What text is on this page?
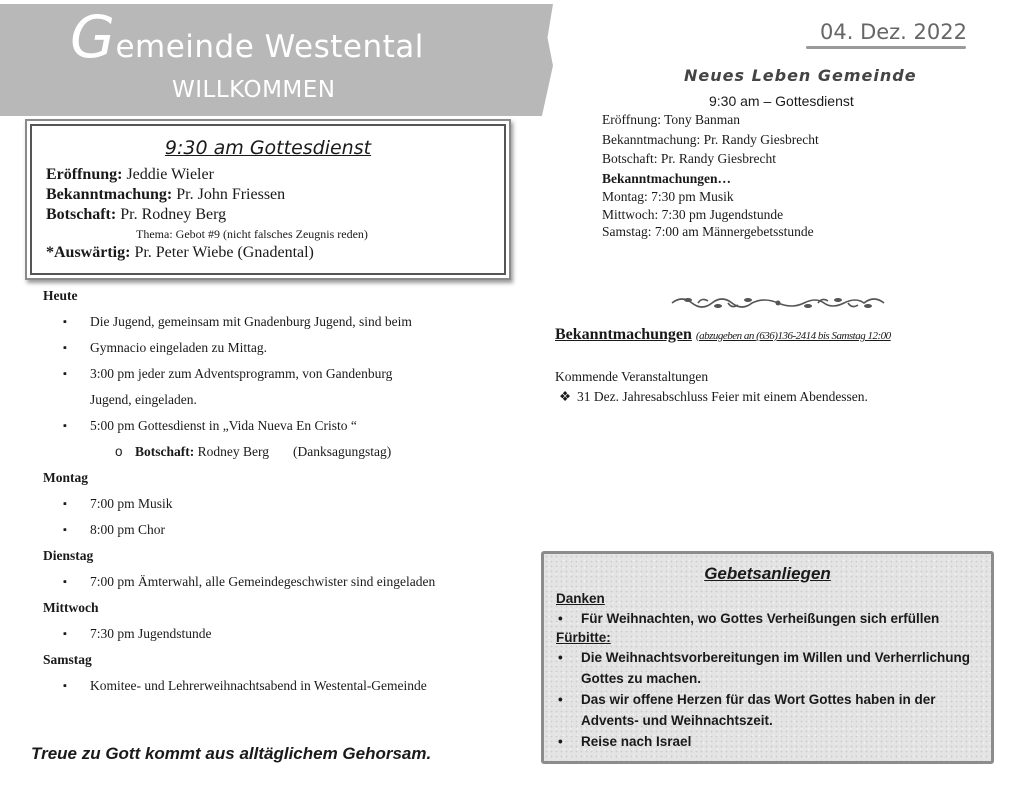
Gemeinde Westental
WILLKOMMEN
04. Dez. 2022
9:30 am Gottesdienst
Eröffnung: Jeddie Wieler
Bekanntmachung: Pr. John Friessen
Botschaft: Pr. Rodney Berg
Thema: Gebot #9 (nicht falsches Zeugnis reden)
*Auswärtig: Pr. Peter Wiebe (Gnadental)
Heute
▪ Die Jugend, gemeinsam mit Gnadenburg Jugend, sind beim
▪ Gymnacio eingeladen zu Mittag.
▪ 3:00 pm jeder zum Adventsprogramm, von Gandenburg
Jugend, eingeladen.
▪ 5:00 pm Gottesdienst in „Vida Nueva En Cristo “
o Botschaft: Rodney Berg (Danksagungstag)
Montag
▪ 7:00 pm Musik
▪ 8:00 pm Chor
Dienstag
▪ 7:00 pm Ämterwahl, alle Gemeindegeschwister sind eingeladen
Mittwoch
▪ 7:30 pm Jugendstunde
Samstag
▪ Komitee- und Lehrerweihnachtsabend in Westental-Gemeinde
Treue zu Gott kommt aus alltäglichem Gehorsam.
Neues Leben Gemeinde
9:30 am – Gottesdienst
Eröffnung: Tony Banman
Bekanntmachung: Pr. Randy Giesbrecht
Botschaft: Pr. Randy Giesbrecht
Bekanntmachungen…
Montag: 7:30 pm Musik
Mittwoch: 7:30 pm Jugendstunde
Samstag: 7:00 am Männergebetsstunde
Bekanntmachungen (abzugeben an (636)136-2414 bis Samstag 12:00
Kommende Veranstaltungen
❖ 31 Dez. Jahresabschluss Feier mit einem Abendessen.
Gebetsanliegen
Danken
• Für Weihnachten, wo Gottes Verheißungen sich erfüllen
Fürbitte:
• Die Weihnachtsvorbereitungen im Willen und Verherrlichung Gottes zu machen.
• Das wir offene Herzen für das Wort Gottes haben in der Advents- und Weihnachtszeit.
• Reise nach Israel
